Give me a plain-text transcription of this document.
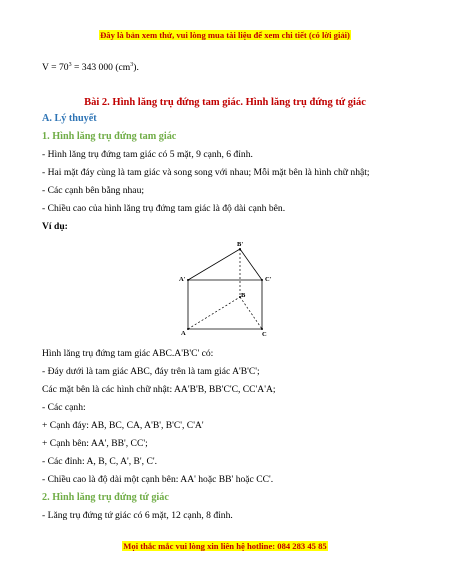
Đây là bản xem thử, vui lòng mua tài liệu để xem chi tiết (có lời giải)
$V = 70^3 = 343$ 000 $(cm^3)$.
Bài 2. Hình lăng trụ đứng tam giác. Hình lăng trụ đứng tứ giác
A. Lý thuyết
1. Hình lăng trụ đứng tam giác
- Hình lăng trụ đứng tam giác có 5 mặt, 9 cạnh, 6 đỉnh.
- Hai mặt đáy cùng là tam giác và song song với nhau; Mỗi mặt bên là hình chữ nhật;
- Các cạnh bên bằng nhau;
- Chiều cao của hình lăng trụ đứng tam giác là độ dài cạnh bên.
Ví dụ:
B'
A'	C'
B
A	C
Hình lăng trụ đứng tam giác ABC.A'B'C' có:
- Đáy dưới là tam giác ABC, đáy trên là tam giác A'B'C';
Các mặt bên là các hình chữ nhật: AA'B'B, BB'C'C, CC'A'A;
- Các cạnh:
+ Cạnh đáy: AB, BC, CA, A'B', B'C', C'A'
+ Cạnh bên: AA', BB', CC';
- Các đỉnh: A, B, C, A', B', C'.
- Chiều cao là độ dài một cạnh bên: AA' hoặc BB' hoặc CC'.
2. Hình lăng trụ đứng tứ giác
- Lăng trụ đứng tứ giác có 6 mặt, 12 cạnh, 8 đỉnh.
Mọi thắc mắc vui lòng xin liên hệ hotline: 084 283 45 85
